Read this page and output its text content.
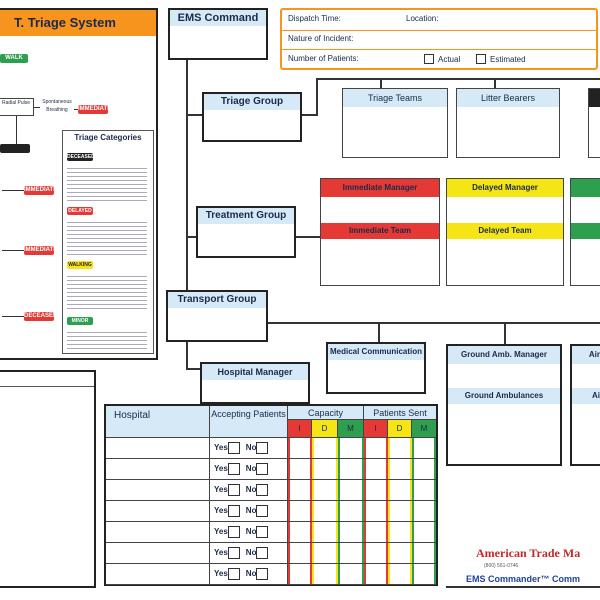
T. Triage System
WALK
Radial Pulse	Spontaneous Breathing	IMMEDIATE
IMMEDIATE
IMMEDIATE
DECEASED
Triage Categories
DECEASED
DELAYED
WALKING
MINOR
EMS Command	Dispatch Time:	Location:
Nature of Incident:
Number of Patients:	Actual	Estimated
Triage Group	Triage Teams	Litter Bearers
Treatment Group
Immediate Manager
Immediate Team
Delayed Manager
Delayed Team
Transport Group
Medical Communication	Ground Amb. Manager
Ground Ambulances
Air
Ai
Hospital Manager
Hospital	Accepting Patients	Capacity	Patients Sent
I	D	M	I	D	M
Yes No
Yes No
Yes No
Yes No
Yes No
Yes No
Yes No
American Trade Ma
(800) 561-0746
EMS Commander™ Comm
